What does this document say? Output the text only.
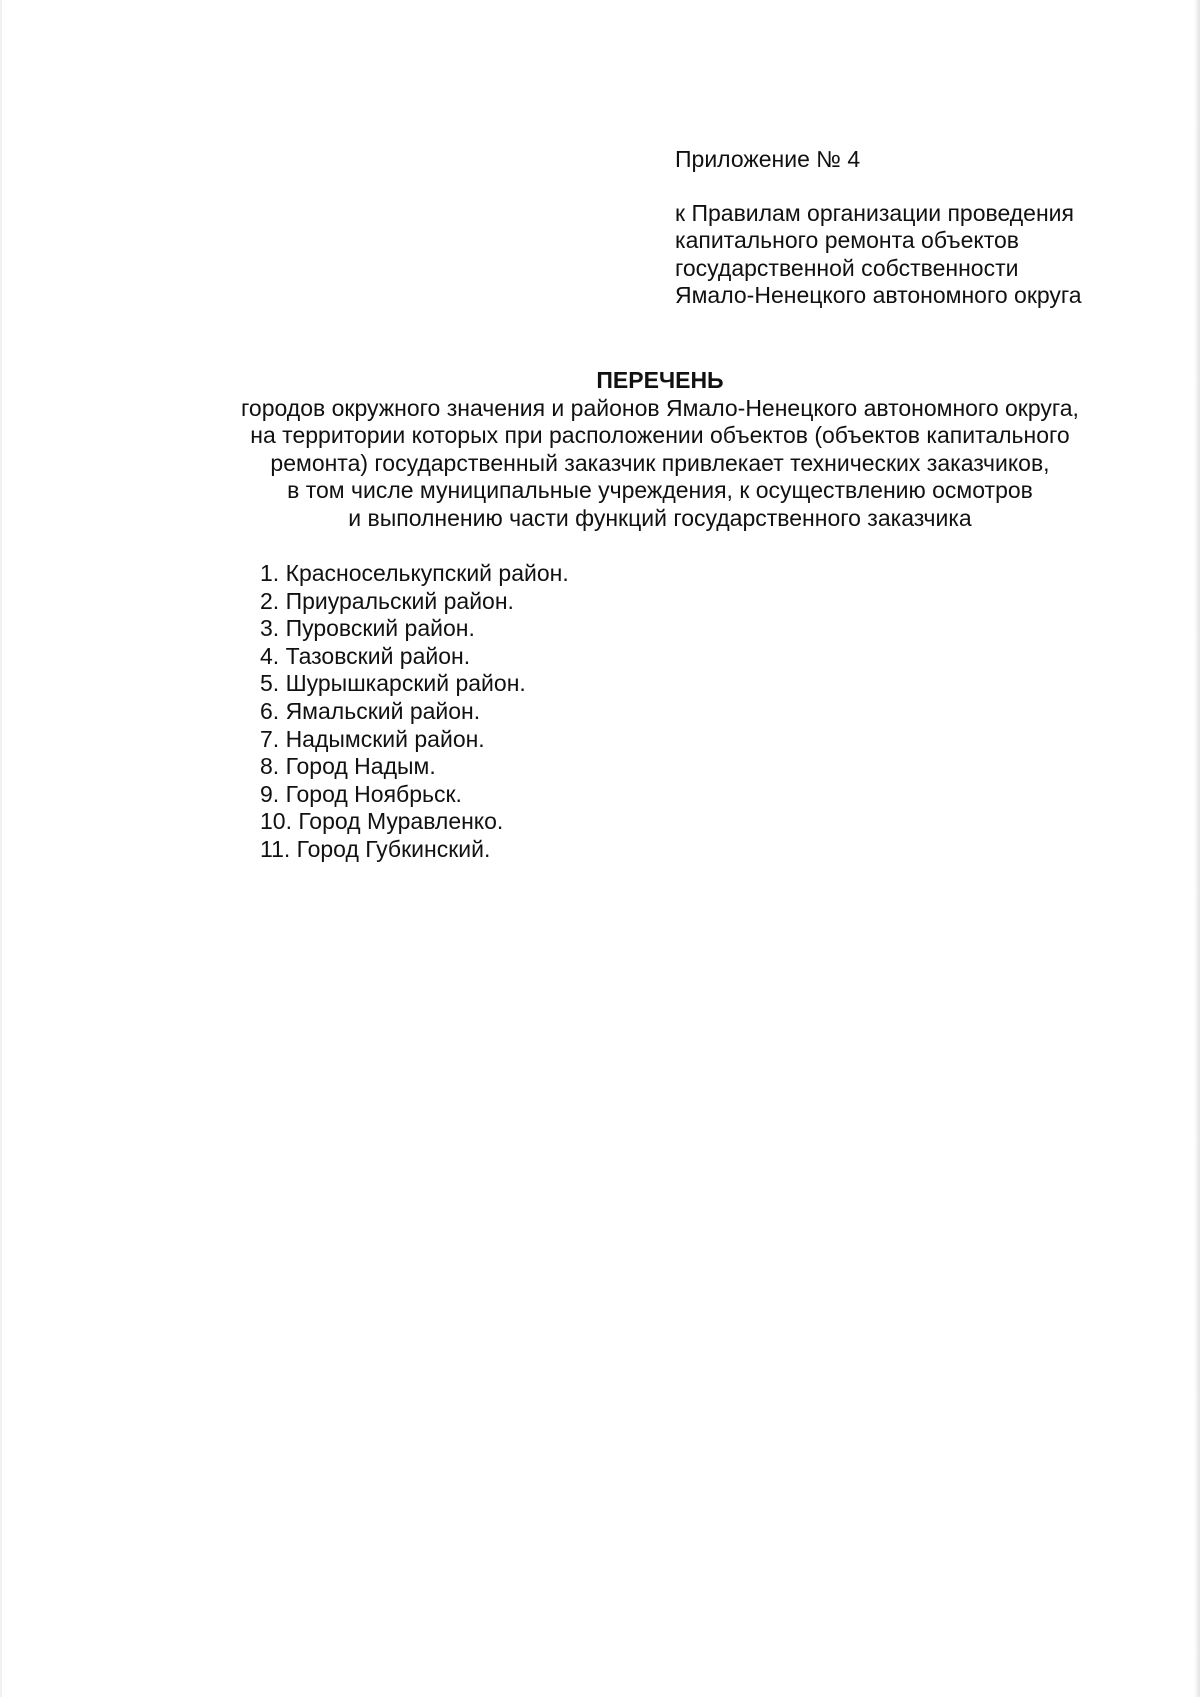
Приложение № 4
к Правилам организации проведения
капитального ремонта объектов
государственной собственности
Ямало-Ненецкого автономного округа
ПЕРЕЧЕНЬ
городов окружного значения и районов Ямало-Ненецкого автономного округа,
на территории которых при расположении объектов (объектов капитального
ремонта) государственный заказчик привлекает технических заказчиков,
в том числе муниципальные учреждения, к осуществлению осмотров
и выполнению части функций государственного заказчика
1. Красноселькупский район.
2. Приуральский район.
3. Пуровский район.
4. Тазовский район.
5. Шурышкарский район.
6. Ямальский район.
7. Надымский район.
8. Город Надым.
9. Город Ноябрьск.
10. Город Муравленко.
11. Город Губкинский.
